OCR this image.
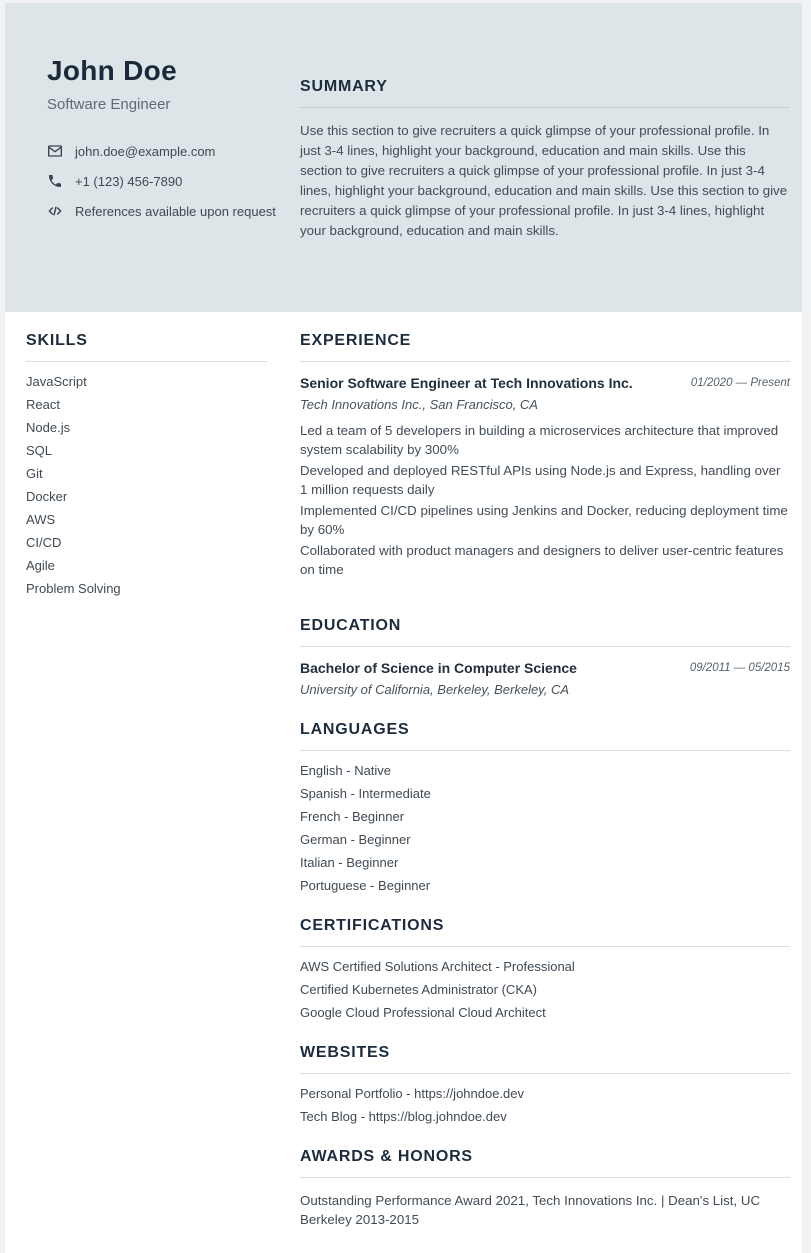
John Doe
Software Engineer
john.doe@example.com
+1 (123) 456-7890
References available upon request
SUMMARY

Use this section to give recruiters a quick glimpse of your professional profile. In just 3-4 lines, highlight your background, education and main skills. Use this section to give recruiters a quick glimpse of your professional profile. In just 3-4 lines, highlight your background, education and main skills. Use this section to give recruiters a quick glimpse of your professional profile. In just 3-4 lines, highlight your background, education and main skills.

SKILLS
JavaScript
React
Node.js
SQL
Git
Docker
AWS
CI/CD
Agile
Problem Solving
EXPERIENCE
Senior Software Engineer at Tech Innovations Inc.	01/2020 — Present

Tech Innovations Inc., San Francisco, CA

Led a team of 5 developers in building a microservices architecture that improved system scalability by 300%

Developed and deployed RESTful APIs using Node.js and Express, handling over 1 million requests daily

Implemented CI/CD pipelines using Jenkins and Docker, reducing deployment time by 60%

Collaborated with product managers and designers to deliver user-centric features on time

EDUCATION
Bachelor of Science in Computer Science	09/2011 — 05/2015

University of California, Berkeley, Berkeley, CA

LANGUAGES
English - Native
Spanish - Intermediate
French - Beginner
German - Beginner
Italian - Beginner
Portuguese - Beginner
CERTIFICATIONS
AWS Certified Solutions Architect - Professional
Certified Kubernetes Administrator (CKA)
Google Cloud Professional Cloud Architect
WEBSITES
Personal Portfolio - https://johndoe.dev
Tech Blog - https://blog.johndoe.dev
AWARDS & HONORS

Outstanding Performance Award 2021, Tech Innovations Inc. | Dean's List, UC Berkeley 2013-2015
